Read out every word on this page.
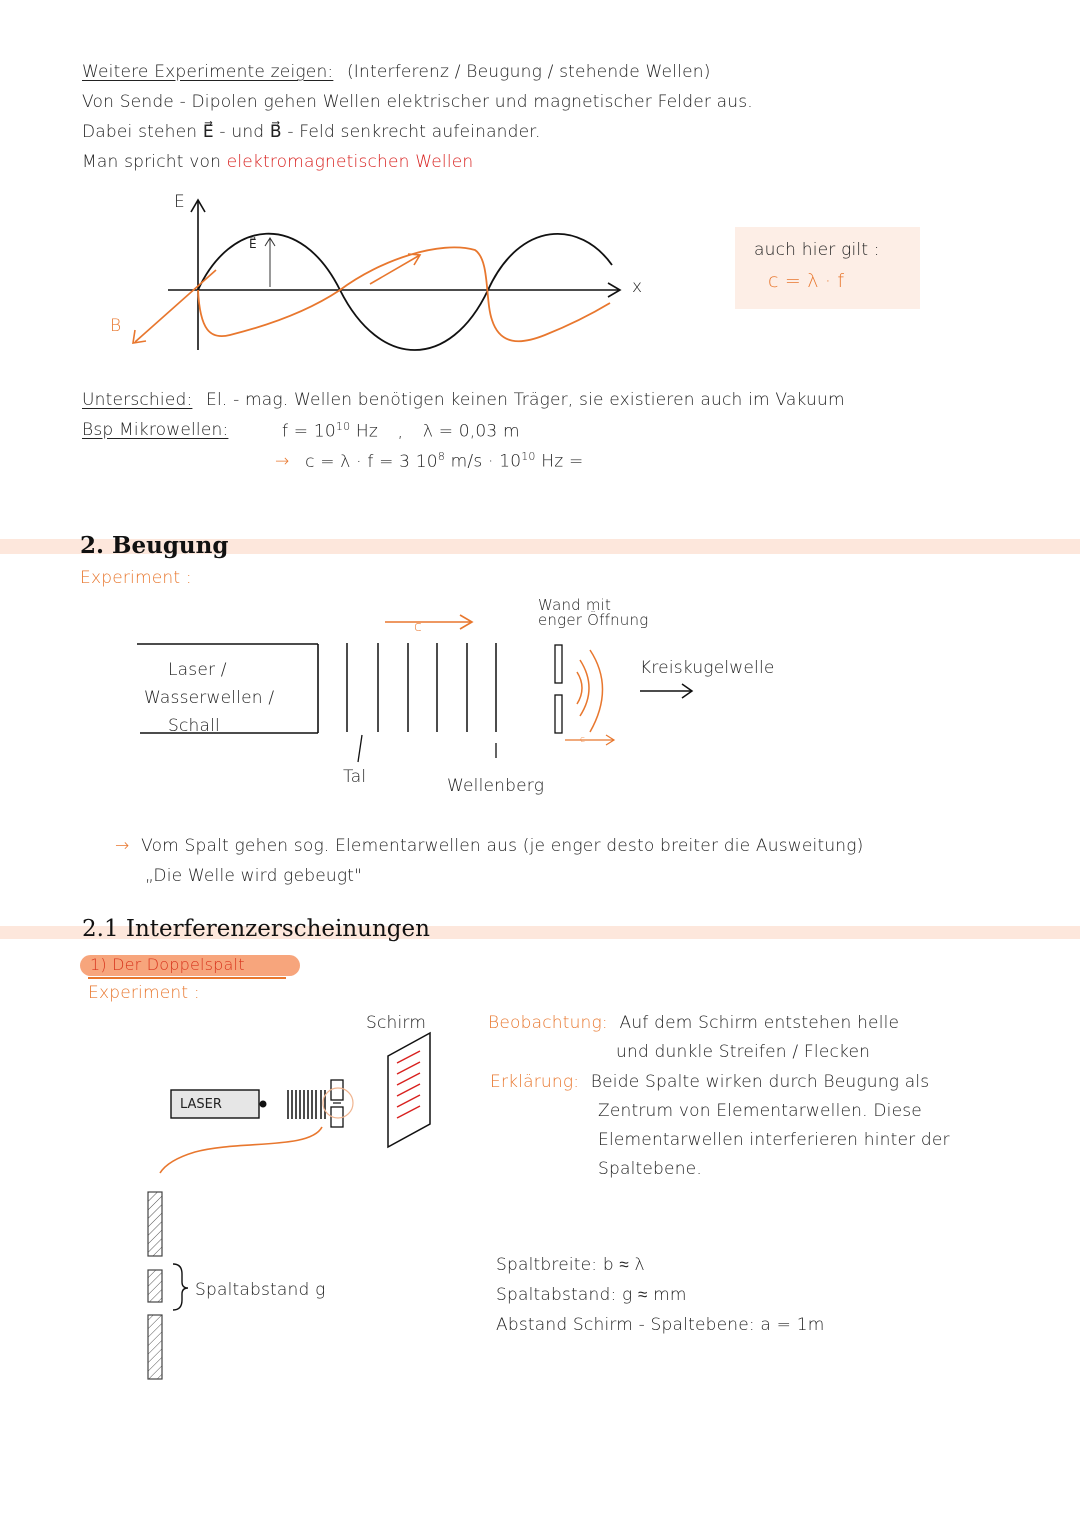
Weitere Experimente zeigen: (Interferenz / Beugung / stehende Wellen)
Von Sende - Dipolen gehen Wellen elektrischer und magnetischer Felder aus.
Dabei stehen E⃗ - und B⃗ - Feld senkrecht aufeinander.
Man spricht von elektromagnetischen Wellen
E
x
E⃗
B
auch hier gilt :
c = λ · f
Unterschied: El. - mag. Wellen benötigen keinen Träger, sie existieren auch im Vakuum
Bsp Mikrowellen:	$f = 10^{10}$ Hz , λ = 0,03 m
→ c = λ · f = 3 $10^8$ $m/s \cdot 10^{10}$ Hz =
2. Beugung
Experiment :
Laser /
Wasserwellen /
Schall
c
Wand mit
enger Öffnung
Kreiskugelwelle
Tal	Wellenberg
c
→ Vom Spalt gehen sog. Elementarwellen aus (je enger desto breiter die Ausweitung)
„Die Welle wird gebeugt"
2.1 Interferenzerscheinungen
1) Der Doppelspalt
Experiment :
Schirm
LASER
Beobachtung: Auf dem Schirm entstehen helle
und dunkle Streifen / Flecken
Erklärung: Beide Spalte wirken durch Beugung als
Zentrum von Elementarwellen. Diese
Elementarwellen interferieren hinter der
Spaltebene.
Spaltabstand g
Spaltbreite: b ≈ λ
Spaltabstand: g ≈ mm
Abstand Schirm - Spaltebene: a = 1m
